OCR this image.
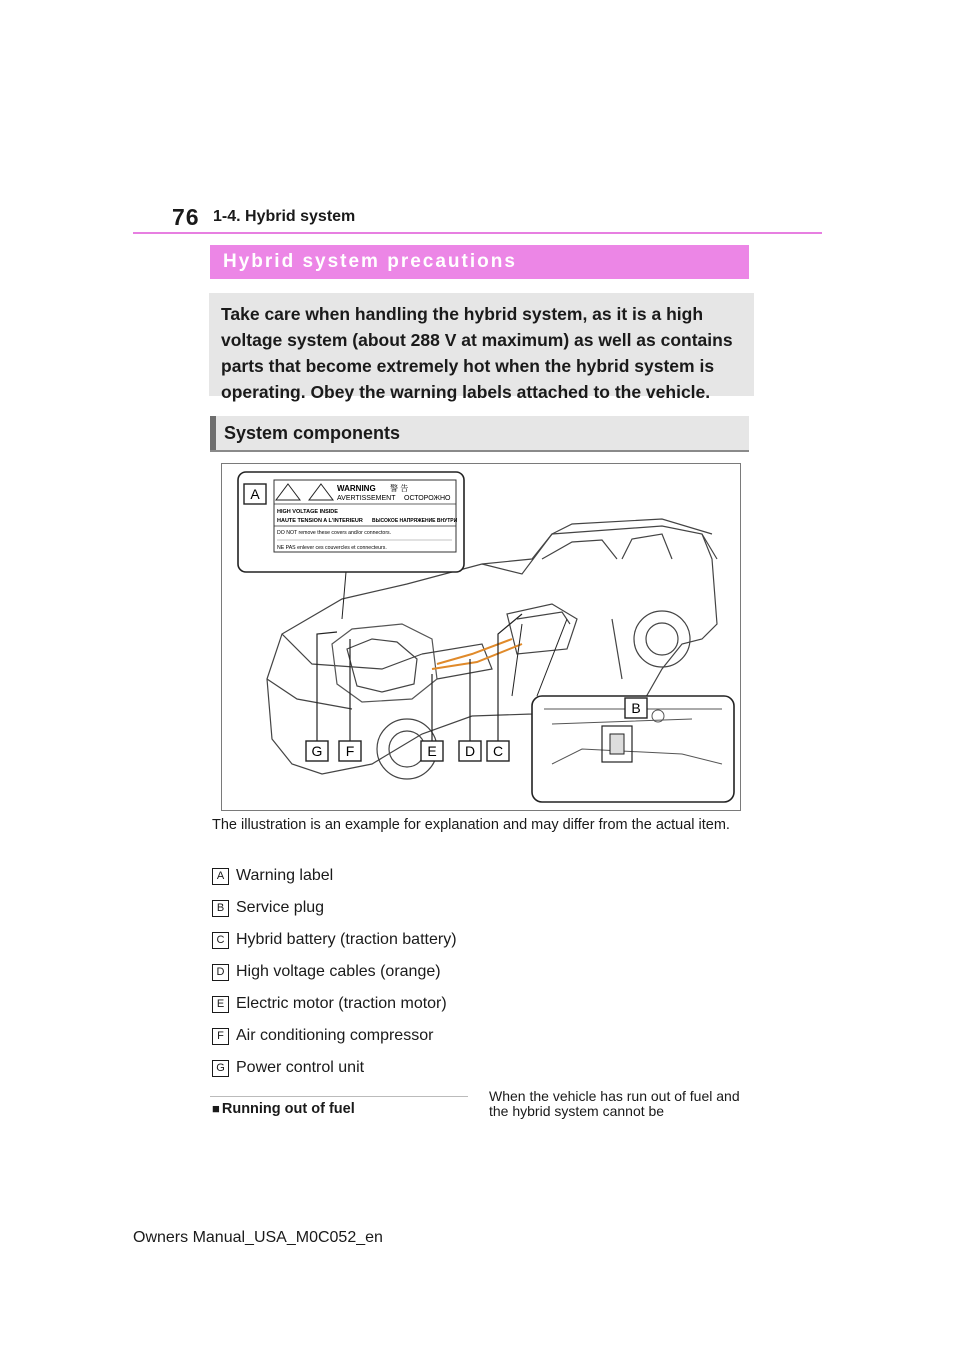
76 1-4. Hybrid system
Hybrid system precautions

Take care when handling the hybrid system, as it is a high voltage system (about 288 V at maximum) as well as contains parts that become extremely hot when the hybrid system is operating. Obey the warning labels attached to the vehicle.

System components
WARNING
AVERTISSEMENT
警 告
ОСТОРОЖНО
HIGH VOLTAGE INSIDE
HAUTE TENSION A L'INTERIEUR ВЫСОКОЕ НАПРЯЖЕНИЕ ВНУТРИ
DO NOT remove these covers and/or connectors.
NE PAS enlever ces couvercles et connecteurs.
A
B
C
D
E
F
G
The illustration is an example for explanation and may differ from the actual item.
A Warning label
B Service plug
C Hybrid battery (traction battery)
D High voltage cables (orange)
E Electric motor (traction motor)
F Air conditioning compressor
G Power control unit
■ Running out of fuel
When the vehicle has run out of fuel and the hybrid system cannot be
Owners Manual_USA_M0C052_en
